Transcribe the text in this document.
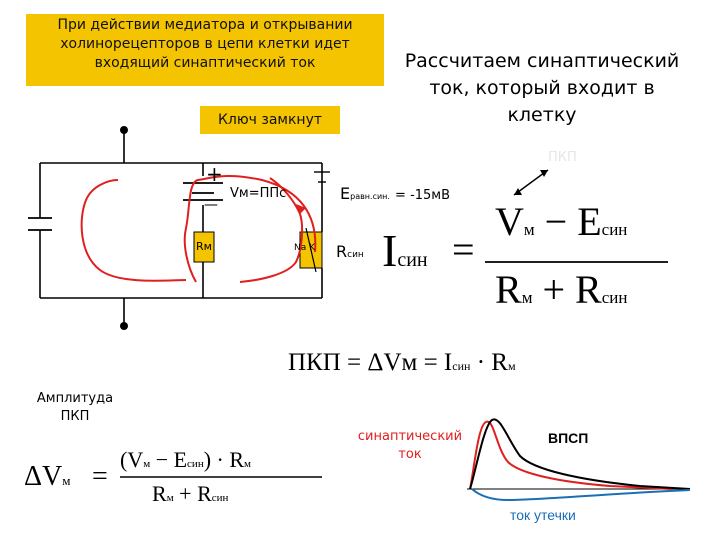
При действии медиатора и открывании
холинорецепторов в цепи клетки идет
входящий синаптический ток
Ключ замкнут
Рассчитаем синаптический
ток, который входит в
клетку
+
—
Vм=ППс
Rм	Na K
Eравн.син. = -15мВ
Rсин
ПКП
Iсин =
Vм − Eсин
Rм + Rсин
ПКП = ΔVм = Iсин · Rм
Амплитуда
ПКП
ΔVм =
(Vм − Eсин) · Rм
Rм + Rсин
синаптический
ток
ВПСП
ток утечки
